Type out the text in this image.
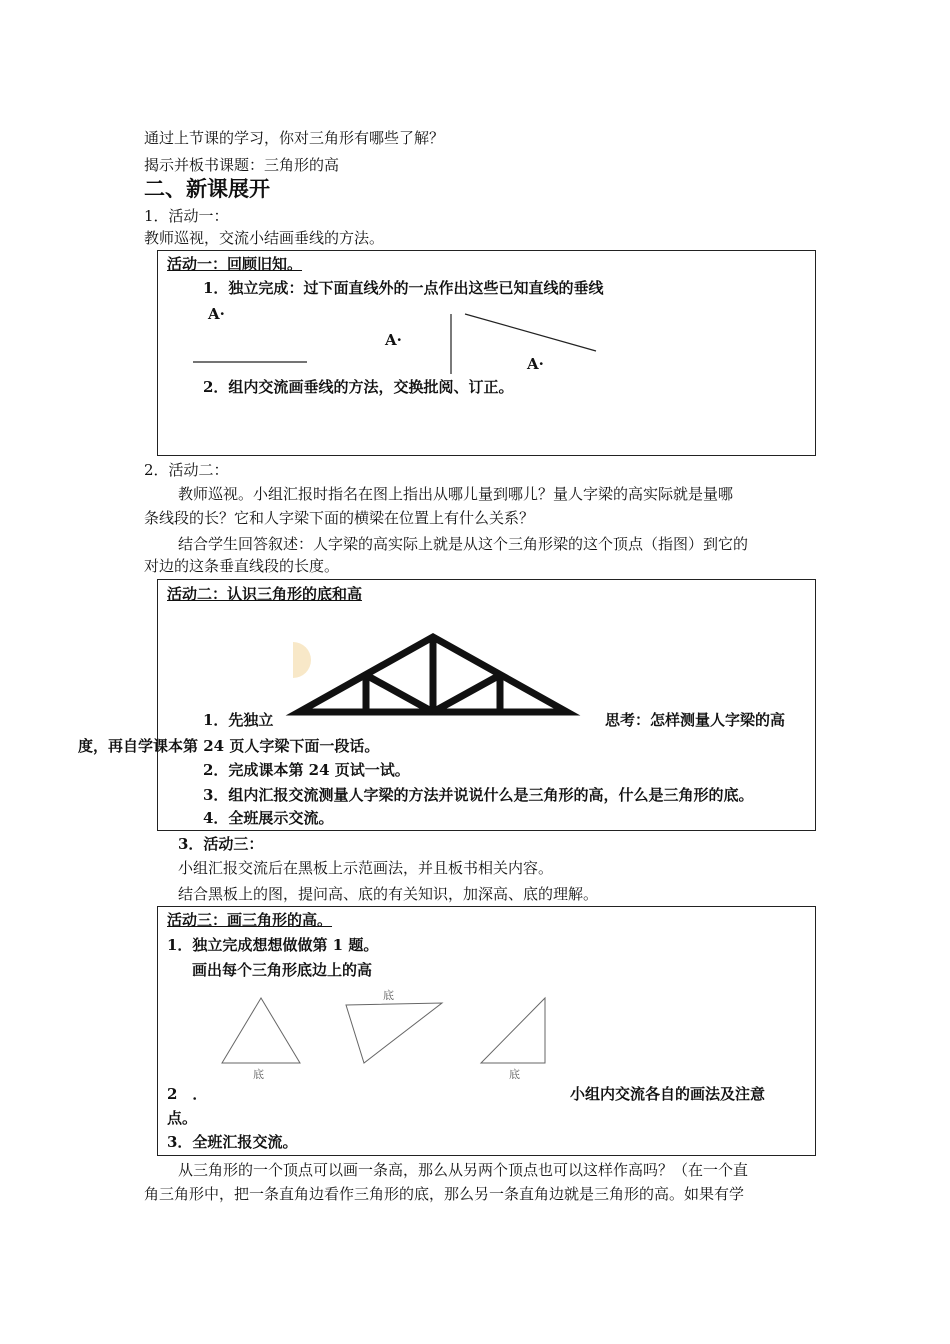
通过上节课的学习，你对三角形有哪些了解？
揭示并板书课题：三角形的高
二、新课展开
1．活动一：
教师巡视，交流小结画垂线的方法。
活动一：回顾旧知。
1．独立完成：过下面直线外的一点作出这些已知直线的垂线
A·
A·
A·
2．组内交流画垂线的方法，交换批阅、订正。
2．活动二：
教师巡视。小组汇报时指名在图上指出从哪儿量到哪儿？量人字梁的高实际就是量哪
条线段的长？它和人字梁下面的横梁在位置上有什么关系？
结合学生回答叙述：人字梁的高实际上就是从这个三角形梁的这个顶点（指图）到它的
对边的这条垂直线段的长度。
活动二：认识三角形的底和高
1．先独立	思考：怎样测量人字梁的高
度，再自学课本第 24 页人字梁下面一段话。
2．完成课本第 24 页试一试。
3．组内汇报交流测量人字梁的方法并说说什么是三角形的高，什么是三角形的底。
4．全班展示交流。
3．活动三：
小组汇报交流后在黑板上示范画法，并且板书相关内容。
结合黑板上的图，提问高、底的有关知识，加深高、底的理解。
活动三：画三角形的高。
1．独立完成想想做做第 1 题。
画出每个三角形底边上的高
底
底
底
2　．	小组内交流各自的画法及注意
点。
3．全班汇报交流。
从三角形的一个顶点可以画一条高，那么从另两个顶点也可以这样作高吗？（在一个直
角三角形中，把一条直角边看作三角形的底，那么另一条直角边就是三角形的高。如果有学
